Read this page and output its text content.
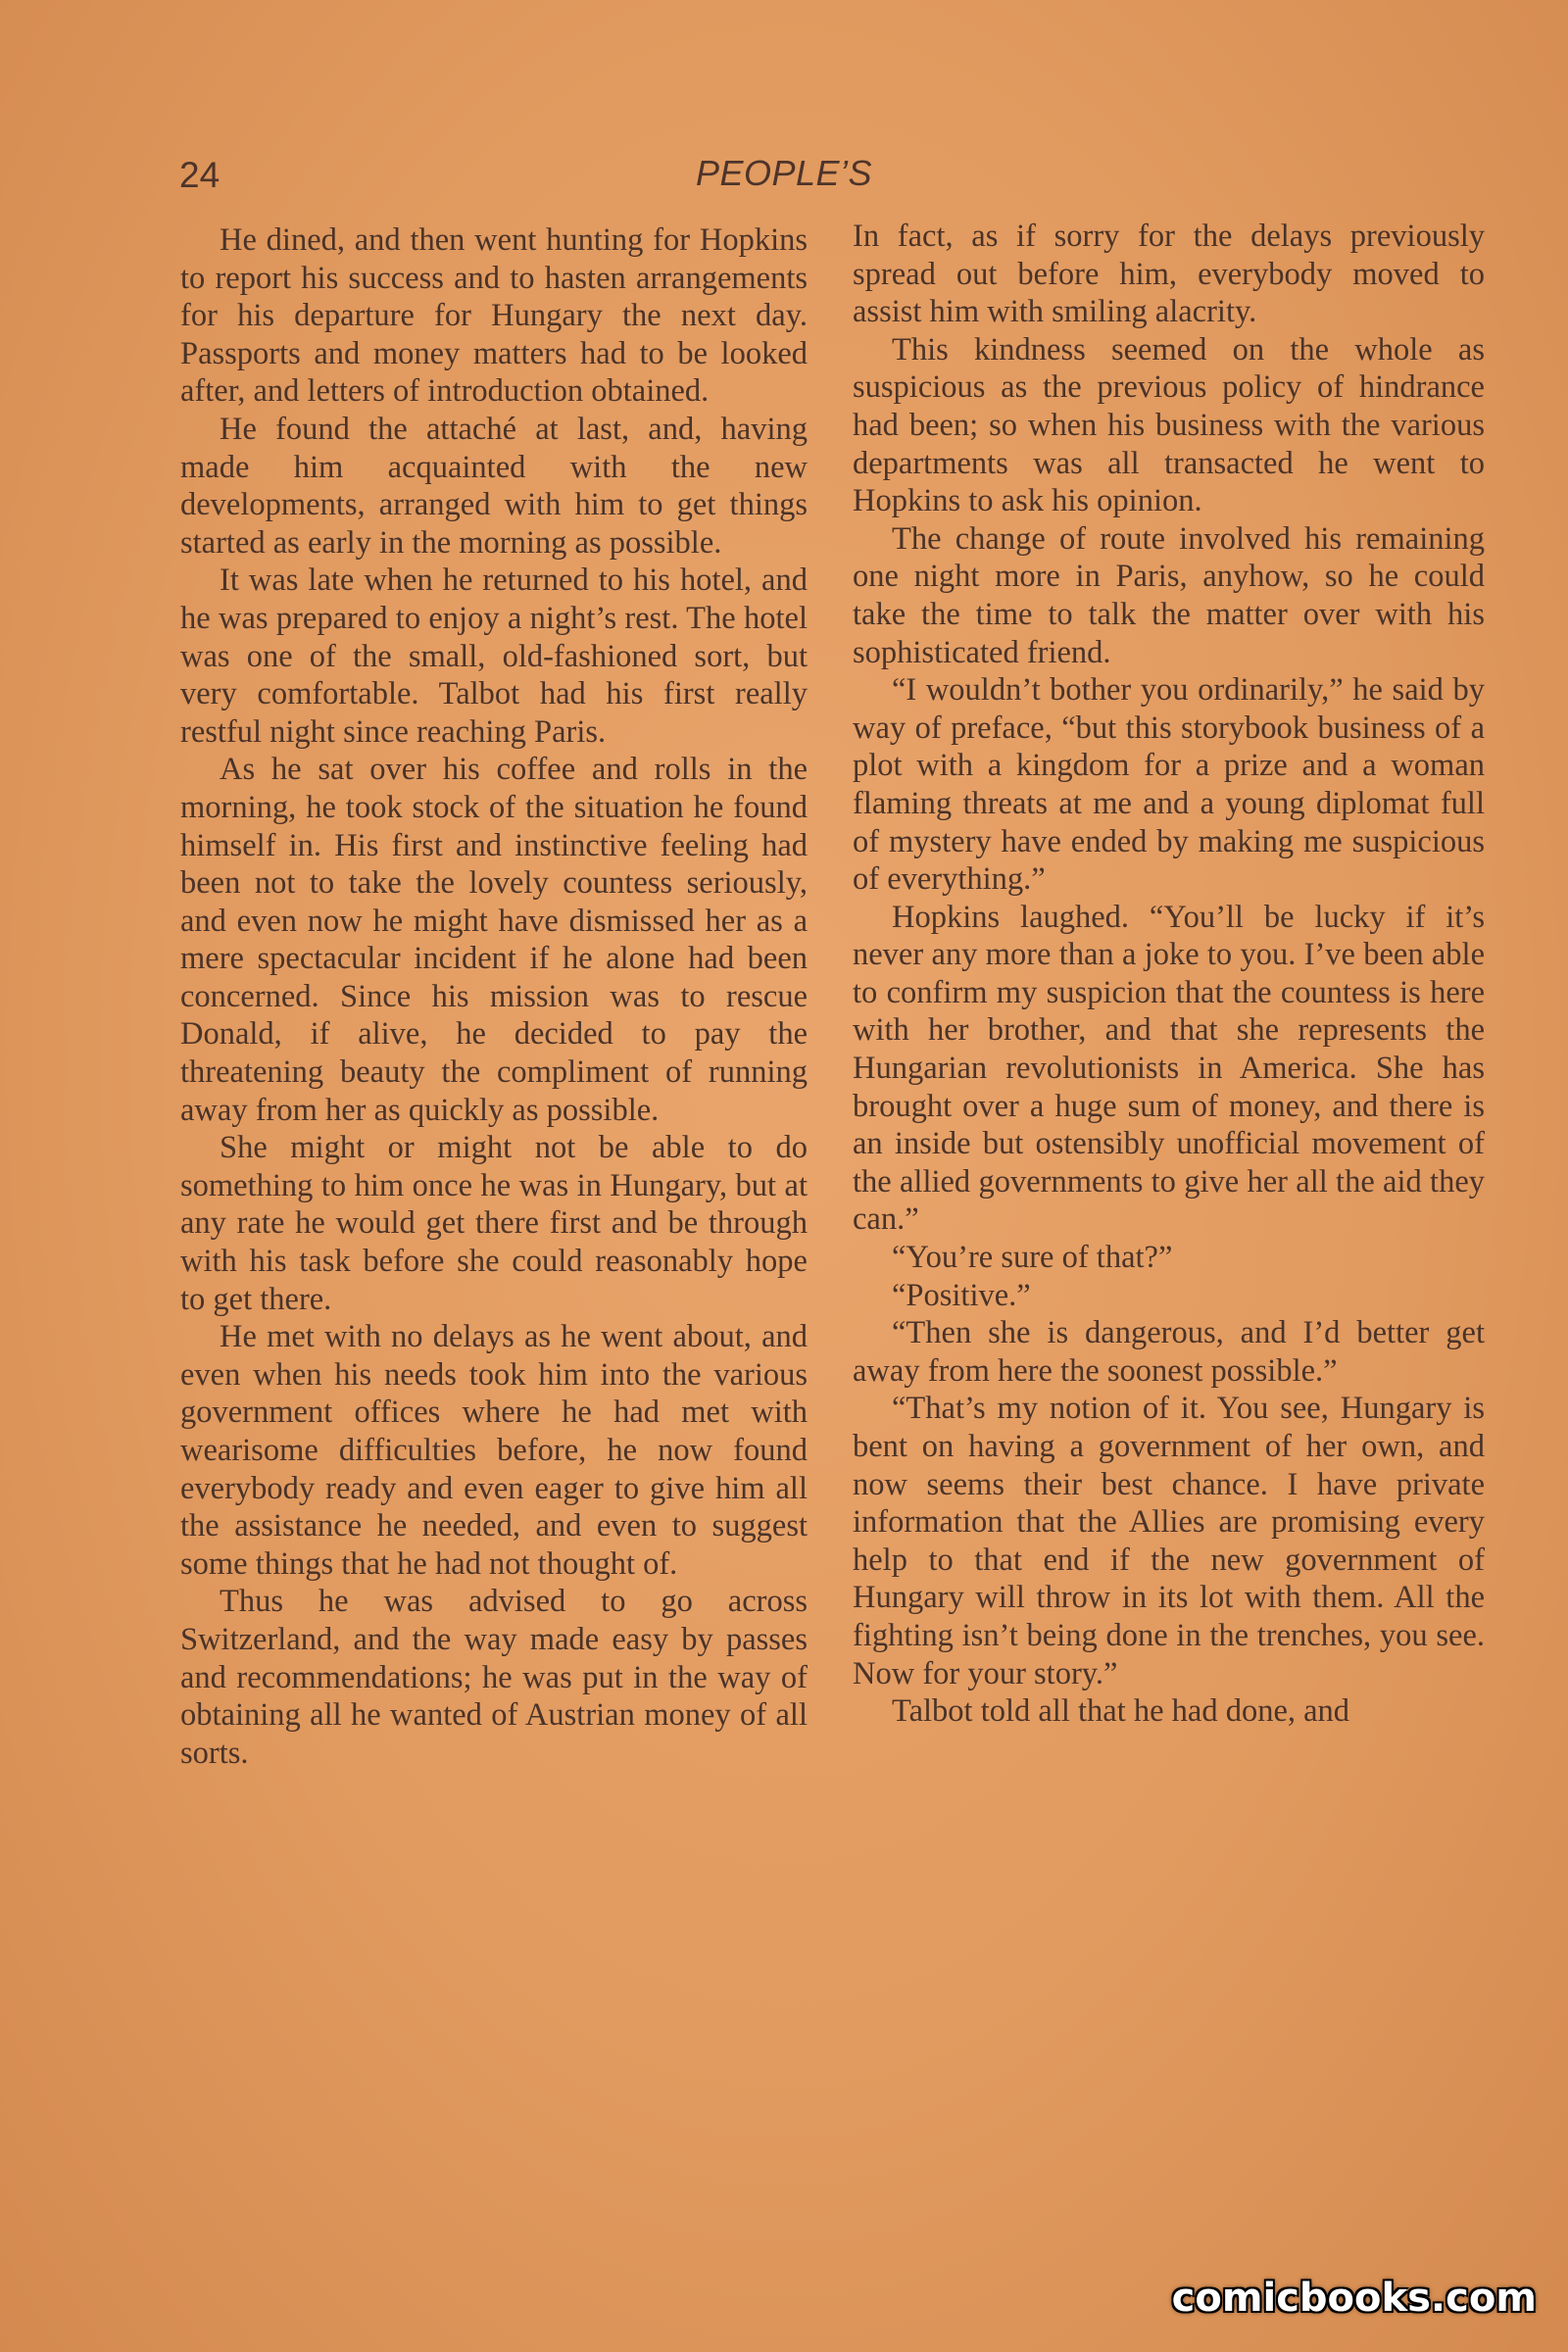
24	PEOPLE’S

He dined, and then went hunting for Hopkins to report his success and to hasten arrangements for his departure for Hungary the next day. Passports and money matters had to be looked after, and letters of introduction obtained.

He found the attaché at last, and, having made him acquainted with the new developments, arranged with him to get things started as early in the morning as possible.

It was late when he returned to his hotel, and he was prepared to enjoy a night’s rest. The hotel was one of the small, old-fashioned sort, but very comfortable. Talbot had his first really restful night since reaching Paris.

As he sat over his coffee and rolls in the morning, he took stock of the situation he found himself in. His first and instinctive feeling had been not to take the lovely countess seriously, and even now he might have dismissed her as a mere spectacular incident if he alone had been concerned. Since his mission was to rescue Donald, if alive, he decided to pay the threatening beauty the compliment of running away from her as quickly as possible.

She might or might not be able to do something to him once he was in Hungary, but at any rate he would get there first and be through with his task before she could reasonably hope to get there.

He met with no delays as he went about, and even when his needs took him into the various government offices where he had met with wearisome difficulties before, he now found everybody ready and even eager to give him all the assistance he needed, and even to suggest some things that he had not thought of.

Thus he was advised to go across Switzerland, and the way made easy by passes and recommendations; he was put in the way of obtaining all he wanted of Austrian money of all sorts.

In fact, as if sorry for the delays previously spread out before him, everybody moved to assist him with smiling alacrity.

This kindness seemed on the whole as suspicious as the previous policy of hindrance had been; so when his business with the various departments was all transacted he went to Hopkins to ask his opinion.

The change of route involved his remaining one night more in Paris, anyhow, so he could take the time to talk the matter over with his sophisticated friend.

“I wouldn’t bother you ordinarily,” he said by way of preface, “but this storybook business of a plot with a kingdom for a prize and a woman flaming threats at me and a young diplomat full of mystery have ended by making me suspicious of everything.”

Hopkins laughed. “You’ll be lucky if it’s never any more than a joke to you. I’ve been able to confirm my suspicion that the countess is here with her brother, and that she represents the Hungarian revolutionists in America. She has brought over a huge sum of money, and there is an inside but ostensibly unofficial movement of the allied governments to give her all the aid they can.”

“You’re sure of that?”

“Positive.”

“Then she is dangerous, and I’d better get away from here the soonest possible.”

“That’s my notion of it. You see, Hungary is bent on having a government of her own, and now seems their best chance. I have private information that the Allies are promising every help to that end if the new government of Hungary will throw in its lot with them. All the fighting isn’t being done in the trenches, you see. Now for your story.”

Talbot told all that he had done, and

comicbooks.com
